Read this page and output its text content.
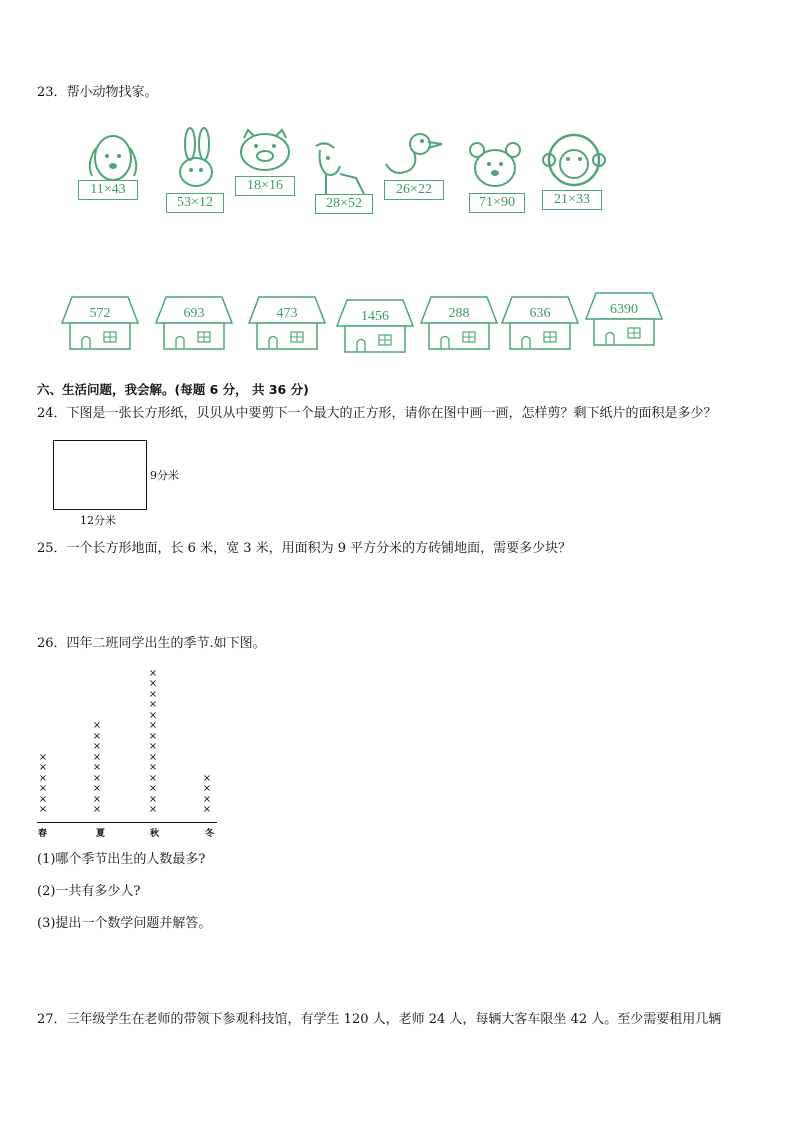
23．帮小动物找家。
11×43
53×12
18×16
28×52
26×22
71×90	21×33
572	693	473	1456	288	636	6390
六、生活问题，我会解。(每题 6 分， 共 36 分)
24．下图是一张长方形纸，贝贝从中要剪下一个最大的正方形，请你在图中画一画，怎样剪？剩下纸片的面积是多少？
9分米
12分米
25．一个长方形地面，长 6 米，宽 3 米，用面积为 9 平方分米的方砖铺地面，需要多少块？
26．四年二班同学出生的季节.如下图。
×
×
×
×
×
×
×
×
×
×
×
×
×
×
×
×
×
×
×
×
×
×
×
×
×
×
×
×
×
×
×
×
×
春	夏	秋	冬
(1)哪个季节出生的人数最多?
(2)一共有多少人?
(3)提出一个数学问题并解答。
27．三年级学生在老师的带领下参观科技馆，有学生 120 人，老师 24 人，每辆大客车限坐 42 人。至少需要租用几辆
